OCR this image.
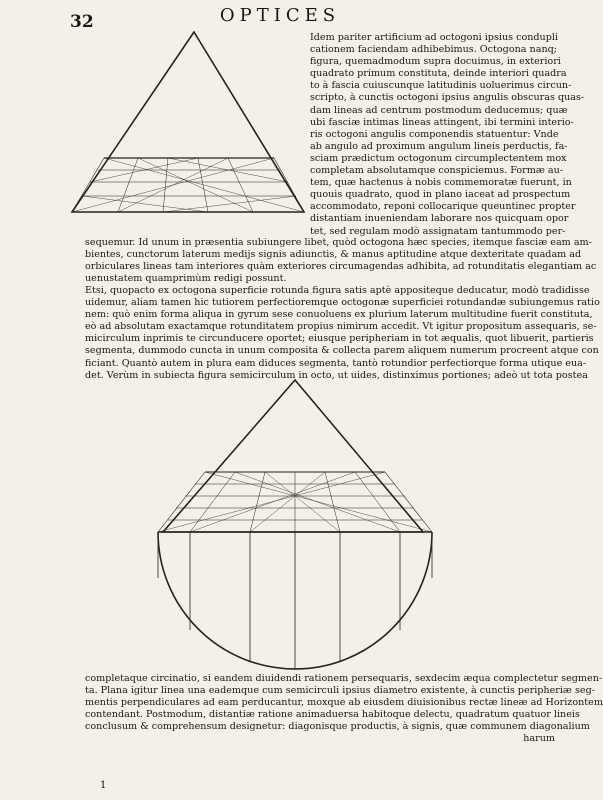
32	OPTICES
Idem pariter artificium ad octogoni ipsius condupli
cationem faciendam adhibebimus. Octogona nanq;
figura, quemadmodum supra docuimus, in exteriori
quadrato primum constituta, deinde interiori quadra
to à fascia cuiuscunque latitudinis uoluerimus circun-
scripto, à cunctis octogoni ipsius angulis obscuras quas-
dam lineas ad centrum postmodum deducemus; quæ
ubi fasciæ intimas lineas attingent, ibi termini interio-
ris octogoni angulis componendis statuentur: Vnde
ab angulo ad proximum angulum lineis perductis, fa-
sciam prædictum octogonum circumplectentem mox
completam absolutamque conspiciemus. Formæ au-
tem, quæ hactenus à nobis commemoratæ fuerunt, in
quouis quadrato, quod in plano iaceat ad prospectum
accommodato, reponi collocarique queuntinec propter
distantiam inueniendam laborare nos quicquam opor
tet, sed regulam modò assignatam tantummodo per-
sequemur. Id unum in præsentia subiungere libet, quòd octogona hæc species, itemque fasciæ eam am-
bientes, cunctorum laterum medijs signis adiunctis, & manus aptitudine atque dexteritate quadam ad
orbiculares lineas tam interiores quàm exteriores circumagendas adhibita, ad rotunditatis elegantiam ac
uenustatem quamprimùm redigi possunt.
Etsi, quopacto ex octogona superficie rotunda figura satis aptè appositeque deducatur, modò tradidisse
uidemur, aliam tamen hic tutiorem perfectioremque octogonæ superficiei rotundandæ subiungemus ratio
nem: quò enim forma aliqua in gyrum sese conuoluens ex plurium laterum multitudine fuerit constituta,
eò ad absolutam exactamque rotunditatem propius nimirum accedit. Vt igitur propositum assequaris, se-
micirculum inprimis te circunducere oportet; eiusque peripheriam in tot æqualis, quot libuerit, partieris
segmenta, dummodo cuncta in unum composita & collecta parem aliquem numerum procreent atque con
ficiant. Quantò autem in plura eam diduces segmenta, tantò rotundior perfectiorque forma utique eua-
det. Verùm in subiecta figura semicirculum in octo, ut uides, distinximus portiones; adeò ut tota postea
completaque circinatio, si eandem diuidendi rationem persequaris, sexdecim æqua complectetur segmen-
ta. Plana igitur linea una eademque cum semicirculi ipsius diametro existente, à cunctis peripheriæ seg-
mentis perpendiculares ad eam perducantur, moxque ab eiusdem diuisionibus rectæ lineæ ad Horizontem
contendant. Postmodum, distantiæ ratione animaduersa habitoque delectu, quadratum quatuor lineis
conclusum & comprehensum designetur: diagonisque productis, à signis, quæ communem diagonalium
harum
1
